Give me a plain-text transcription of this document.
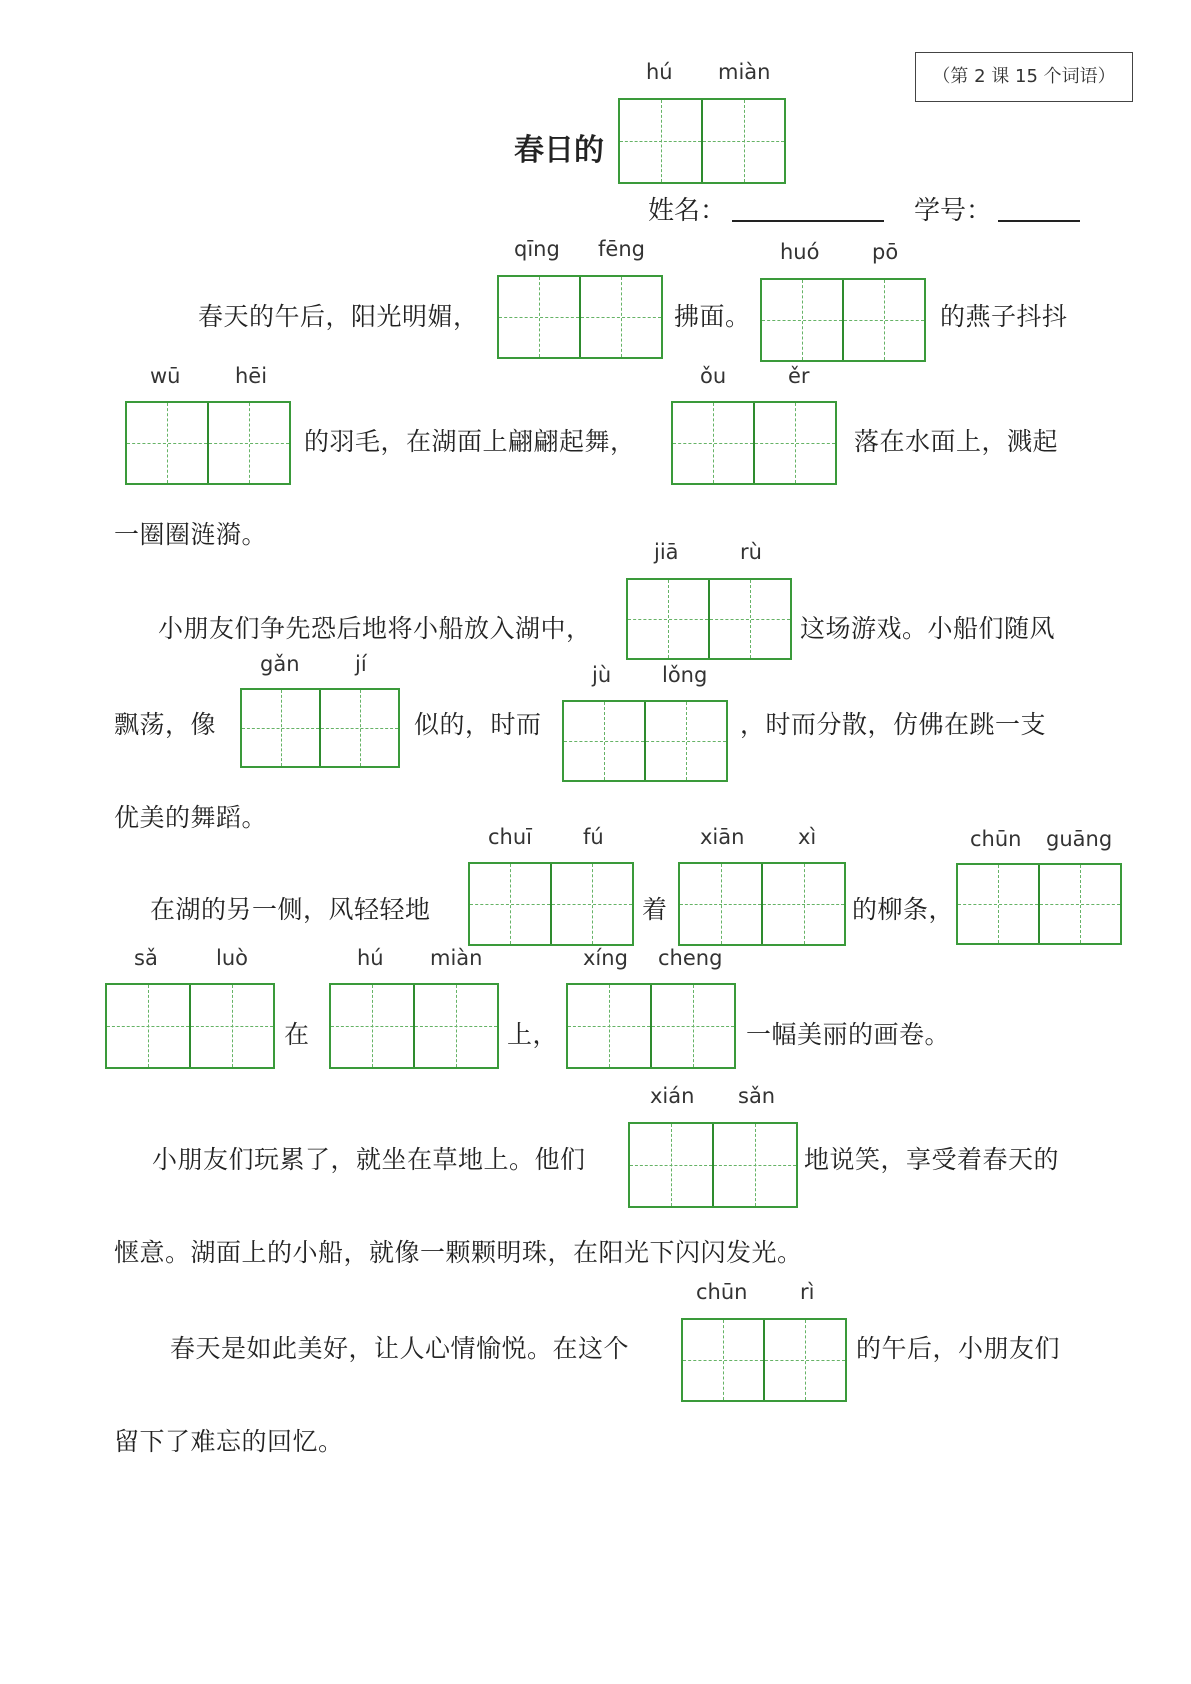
（第 2 课 15 个词语）
hú miàn
春日的
姓名：	学号：
春天的午后，阳光明媚，
qīng fēng
拂面。
huó	pō
的燕子抖抖
wū	hēi
的羽毛，在湖面上翩翩起舞，
ǒu	ěr
落在水面上，溅起
一圈圈涟漪。
jiā	rù
小朋友们争先恐后地将小船放入湖中，	这场游戏。小船们随风
gǎn	jí
飘荡，像	似的，时而
jù lǒng
，时而分散，仿佛在跳一支
优美的舞蹈。
chuī fú
在湖的另一侧，风轻轻地	着
xiān	xì
的柳条，
chūn guāng
sǎ	luò
在
hú miàn
上，
xíng cheng
一幅美丽的画卷。
xián sǎn
小朋友们玩累了，就坐在草地上。他们	地说笑，享受着春天的
惬意。湖面上的小船，就像一颗颗明珠，在阳光下闪闪发光。
chūn	rì
春天是如此美好，让人心情愉悦。在这个	的午后，小朋友们
留下了难忘的回忆。
